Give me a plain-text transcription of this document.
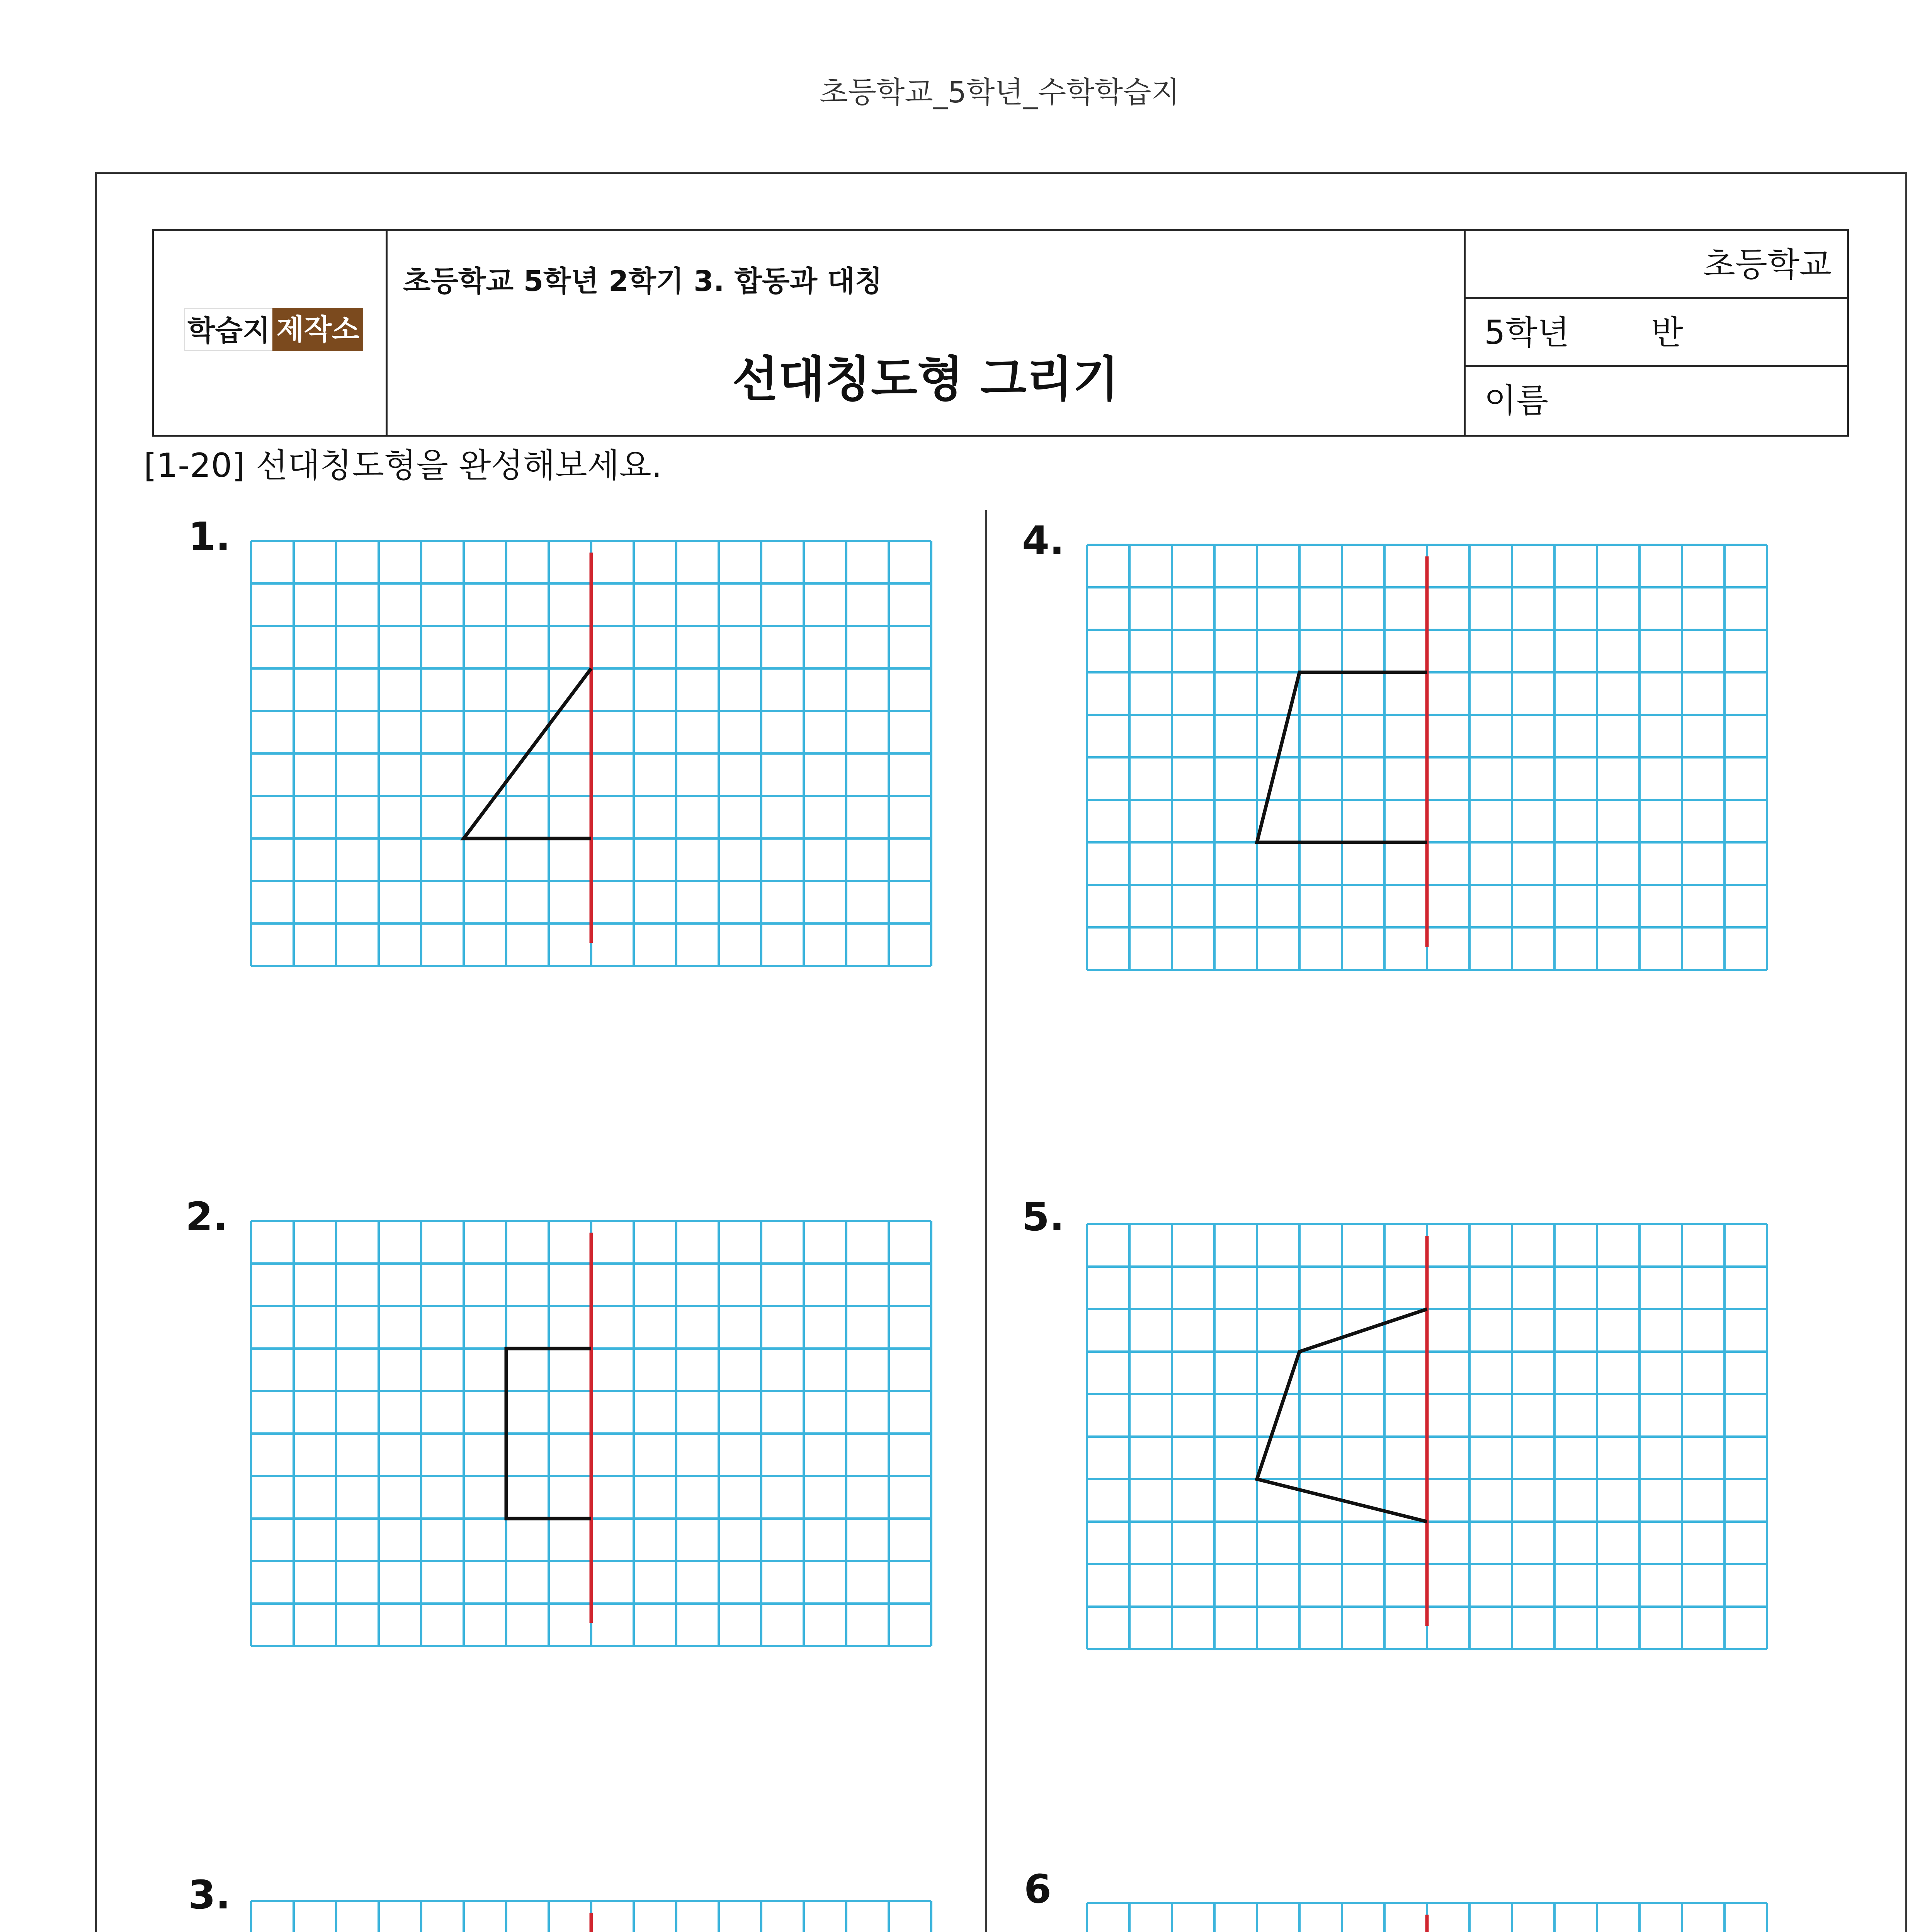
초등학교_5학년_수학학습지
학습지 제작소
초등학교 5학년 2학기 3. 합동과 대칭
선대칭도형 그리기
초등학교
5학년 반
이름
[1-20] 선대칭도형을 완성해보세요.
1.
2.
3.
4.
5.
6
